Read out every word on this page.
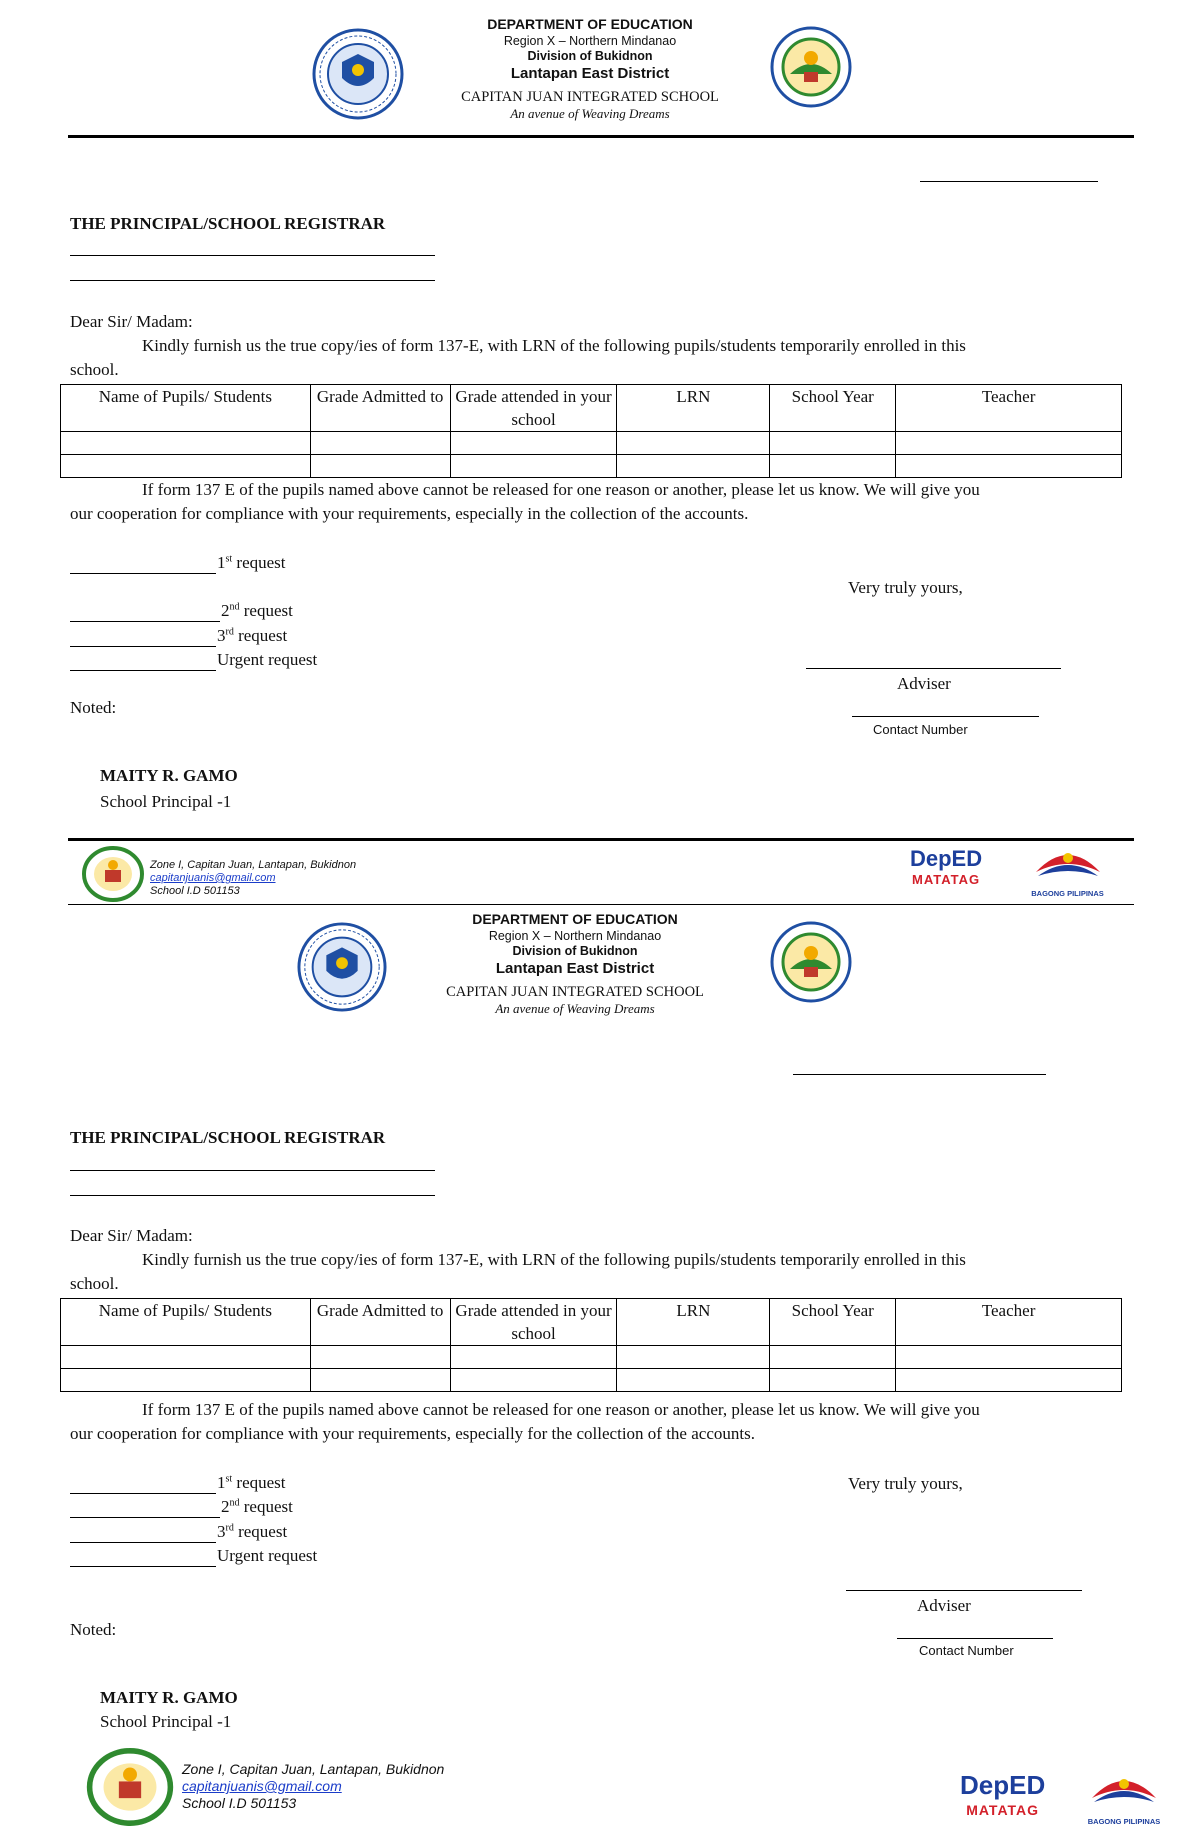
DEPARTMENT OF EDUCATION
Region X – Northern Mindanao
Division of Bukidnon
Lantapan East District
CAPITAN JUAN INTEGRATED SCHOOL
An avenue of Weaving Dreams
THE PRINCIPAL/SCHOOL REGISTRAR
Dear Sir/ Madam:
Kindly furnish us the true copy/ies of form 137-E, with LRN of the following pupils/students temporarily enrolled in this
school.
Name of Pupils/ Students	Grade Admitted to	Grade attended in your school	LRN	School Year	Teacher

If form 137 E of the pupils named above cannot be released for one reason or another, please let us know. We will give you
our cooperation for compliance with your requirements, especially in the collection of the accounts.
1st request
Very truly yours,
2nd request
3rd request
Urgent request
Adviser
Contact Number
Noted:
MAITY R. GAMO
School Principal -1
Zone I, Capitan Juan, Lantapan, Bukidnon
capitanjuanis@gmail.com
School I.D 501153
DepED
MATATAG
BAGONG PILIPINAS
DEPARTMENT OF EDUCATION
Region X – Northern Mindanao
Division of Bukidnon
Lantapan East District
CAPITAN JUAN INTEGRATED SCHOOL
An avenue of Weaving Dreams
THE PRINCIPAL/SCHOOL REGISTRAR
Dear Sir/ Madam:
Kindly furnish us the true copy/ies of form 137-E, with LRN of the following pupils/students temporarily enrolled in this
school.
Name of Pupils/ Students	Grade Admitted to	Grade attended in your school	LRN	School Year	Teacher

If form 137 E of the pupils named above cannot be released for one reason or another, please let us know. We will give you
our cooperation for compliance with your requirements, especially for the collection of the accounts.
1st request	Very truly yours,
2nd request
3rd request
Urgent request
Adviser
Contact Number
Noted:
MAITY R. GAMO
School Principal -1
Zone I, Capitan Juan, Lantapan, Bukidnon
capitanjuanis@gmail.com
School I.D 501153
DepED
MATATAG
BAGONG PILIPINAS
